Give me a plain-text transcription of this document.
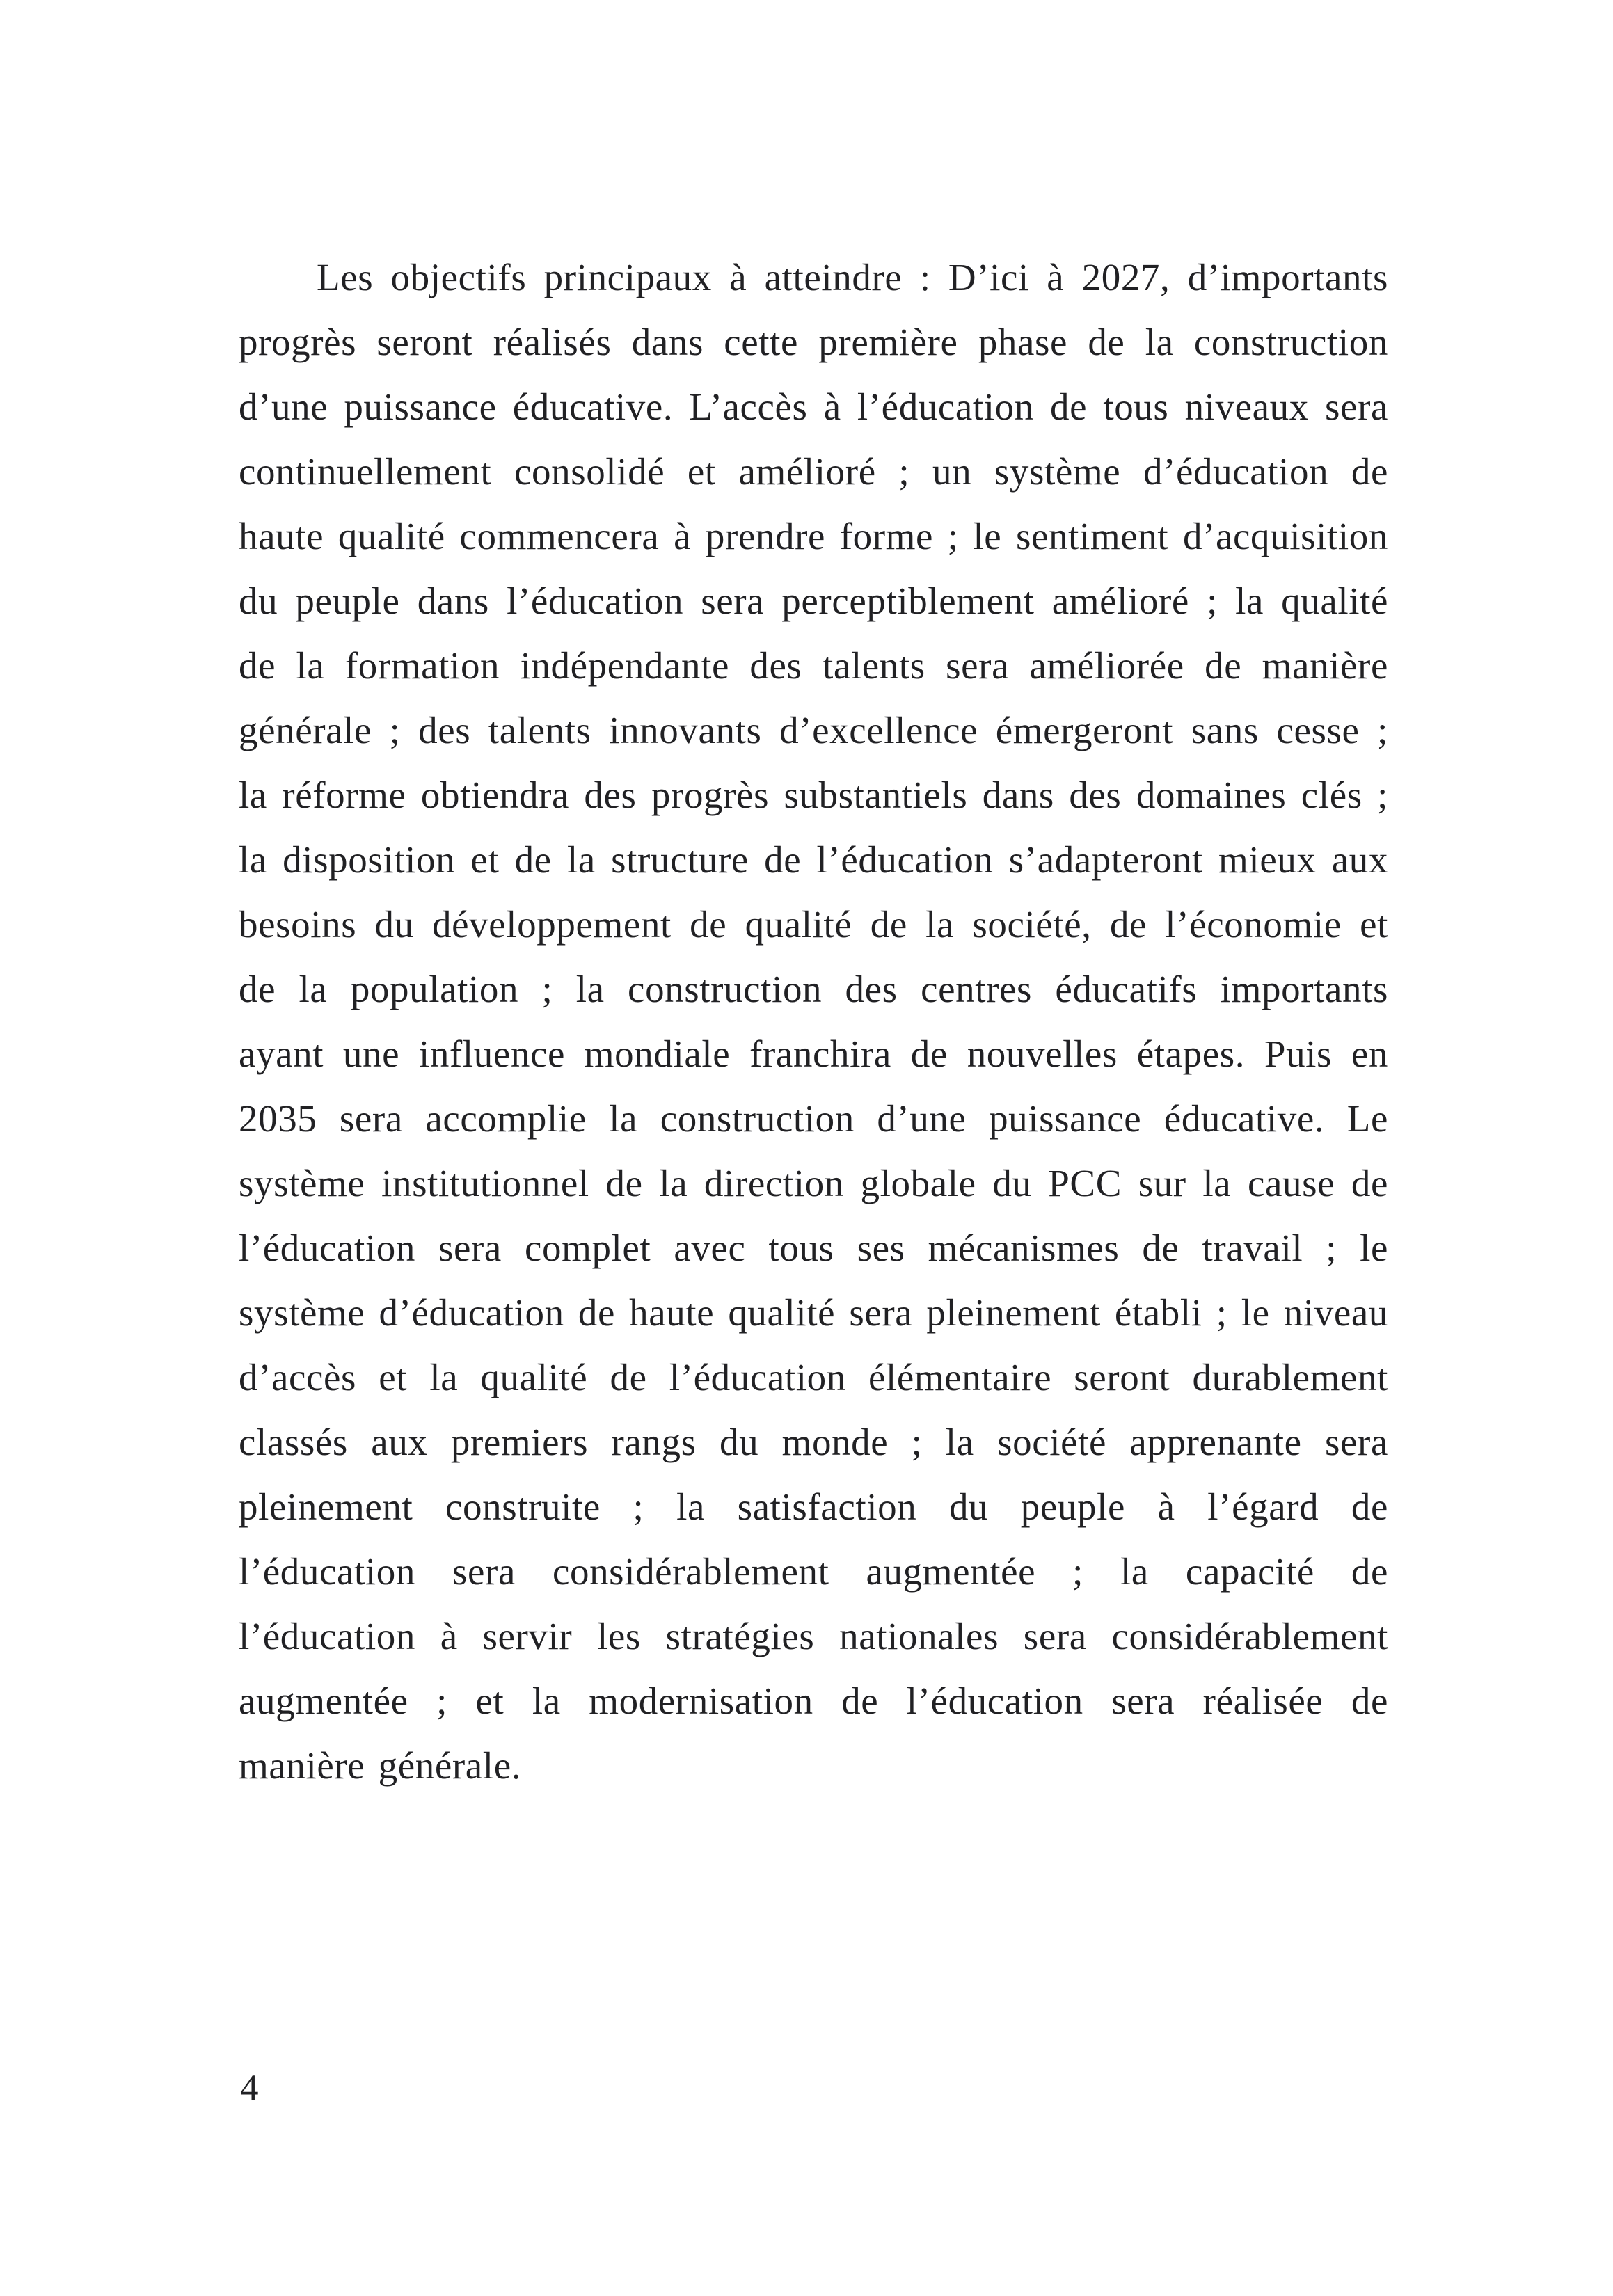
Les objectifs principaux à atteindre : D’ici à 2027, d’importants progrès seront réalisés dans cette première phase de la construction d’une puissance éducative. L’accès à l’éducation de tous niveaux sera continuellement consolidé et amélioré ; un système d’éducation de haute qualité commencera à prendre forme ; le sentiment d’acquisition du peuple dans l’éducation sera perceptiblement amélioré ; la qualité de la formation indépendante des talents sera améliorée de manière générale ; des talents innovants d’excellence émergeront sans cesse ; la réforme obtiendra des progrès substantiels dans des domaines clés ; la disposition et de la structure de l’éducation s’adapteront mieux aux besoins du développement de qualité de la société, de l’économie et de la population ; la construction des centres éducatifs importants ayant une influence mondiale franchira de nouvelles étapes. Puis en 2035 sera accomplie la construction d’une puissance éducative. Le système institutionnel de la direction globale du PCC sur la cause de l’éducation sera complet avec tous ses mécanismes de travail ; le système d’éducation de haute qualité sera pleinement établi ; le niveau d’accès et la qualité de l’éducation élémentaire seront durablement classés aux premiers rangs du monde ; la société apprenante sera pleinement construite ; la satisfaction du peuple à l’égard de l’éducation sera considérablement augmentée ; la capacité de l’éducation à servir les stratégies nationales sera considérablement augmentée ; et la modernisation de l’éducation sera réalisée de manière générale.

4
